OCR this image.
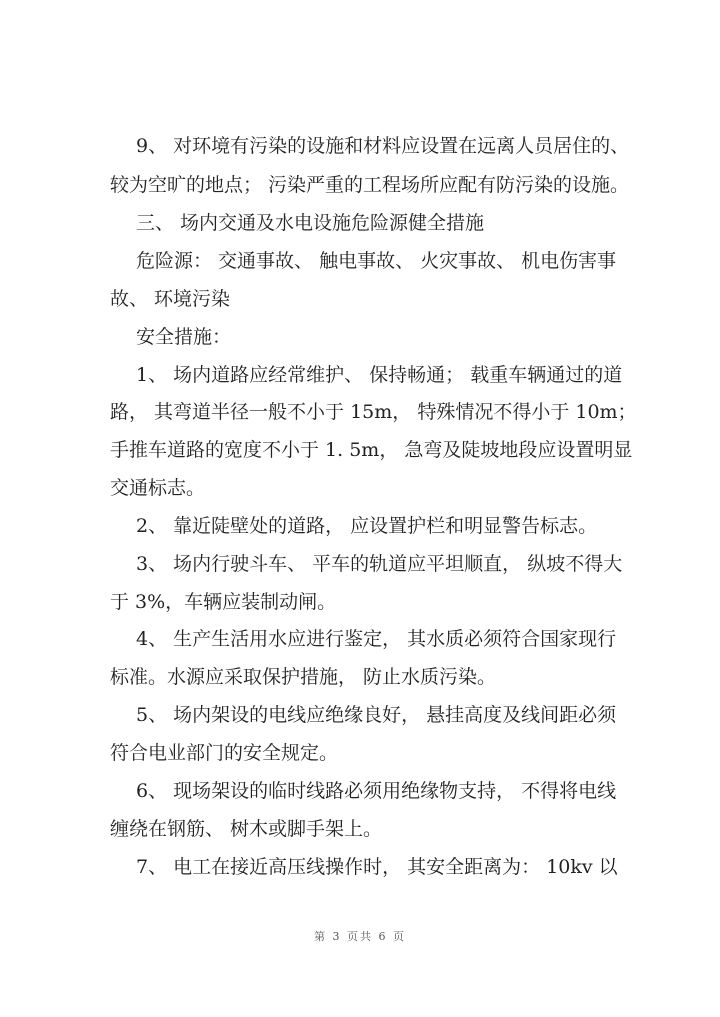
9、 对环境有污染的设施和材料应设置在远离人员居住的、
较为空旷的地点； 污染严重的工程场所应配有防污染的设施。
三、 场内交通及水电设施危险源健全措施
危险源： 交通事故、 触电事故、 火灾事故、 机电伤害事
故、 环境污染
安全措施：
1、 场内道路应经常维护、 保持畅通； 载重车辆通过的道
路， 其弯道半径一般不小于 15m， 特殊情况不得小于 10m；
手推车道路的宽度不小于 1. 5m， 急弯及陡坡地段应设置明显
交通标志。
2、 靠近陡壁处的道路， 应设置护栏和明显警告标志。
3、 场内行驶斗车、 平车的轨道应平坦顺直， 纵坡不得大
于 3%，车辆应装制动闸。
4、 生产生活用水应进行鉴定， 其水质必须符合国家现行
标准。水源应采取保护措施， 防止水质污染。
5、 场内架设的电线应绝缘良好， 悬挂高度及线间距必须
符合电业部门的安全规定。
6、 现场架设的临时线路必须用绝缘物支持， 不得将电线
缠绕在钢筋、 树木或脚手架上。
7、 电工在接近高压线操作时， 其安全距离为： 10kv 以
第 3 页共 6 页
